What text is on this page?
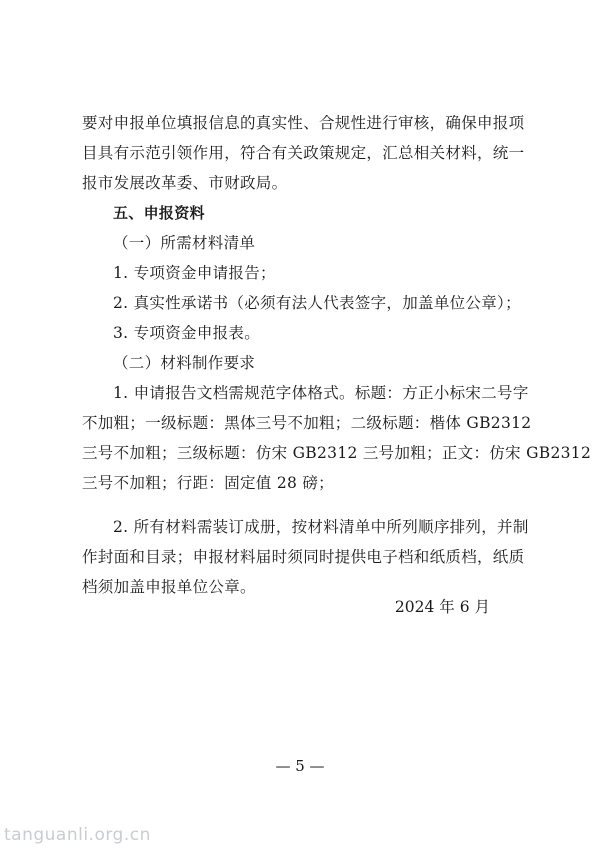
要对申报单位填报信息的真实性、合规性进行审核，确保申报项
目具有示范引领作用，符合有关政策规定，汇总相关材料，统一
报市发展改革委、市财政局。
五、申报资料
（一）所需材料清单
1. 专项资金申请报告；
2. 真实性承诺书（必须有法人代表签字，加盖单位公章）；
3. 专项资金申报表。
（二）材料制作要求
1. 申请报告文档需规范字体格式。标题：方正小标宋二号字
不加粗；一级标题：黑体三号不加粗；二级标题：楷体 GB2312
三号不加粗；三级标题：仿宋 GB2312 三号加粗；正文：仿宋 GB2312
三号不加粗；行距：固定值 28 磅；
2. 所有材料需装订成册，按材料清单中所列顺序排列，并制
作封面和目录；申报材料届时须同时提供电子档和纸质档，纸质
档须加盖申报单位公章。
2024 年 6 月
— 5 —
tanguanli.org.cn
